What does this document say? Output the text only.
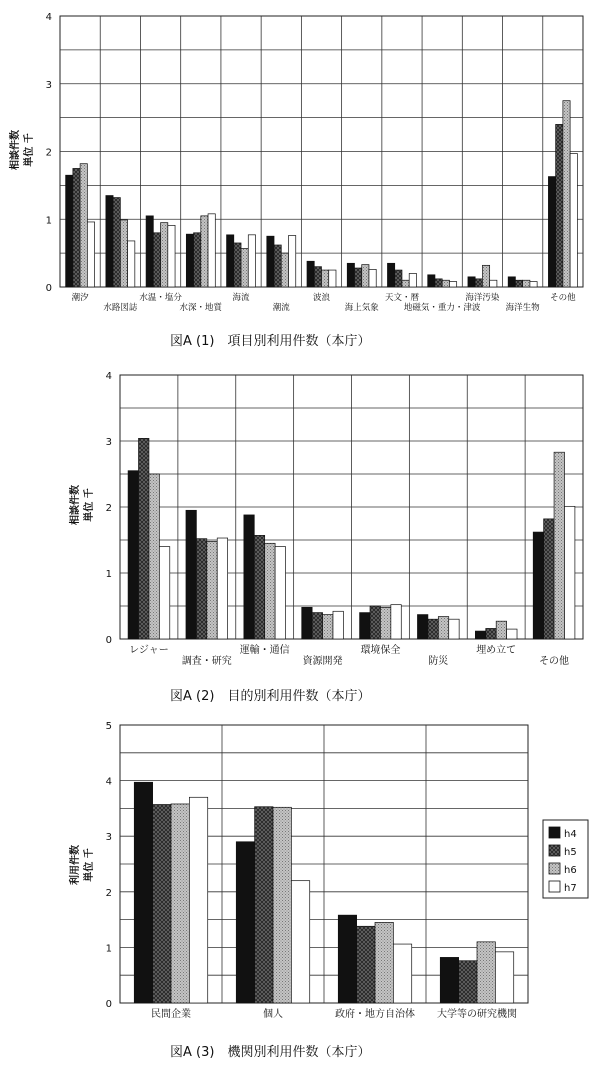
0
1
2
3
4
潮汐
水路図誌
水温・塩分
水深・地質
海流
潮流
波浪
海上気象
天文・暦
地磁気・重力・津波
海洋汚染
海洋生物
その他
相談件数 単位 千
図A (1)　項目別利用件数（本庁）
0
1
2
3
4
レジャー
調査・研究
運輸・通信
資源開発
環境保全
防災
埋め立て
その他
相談件数 単位 千
図A (2)　目的別利用件数（本庁）
0
1
2
3
4
5
民間企業	個人	政府・地方自治体 大学等の研究機関
利用件数 単位 千
図A (3)　機関別利用件数（本庁）
h4
h5
h6
h7
